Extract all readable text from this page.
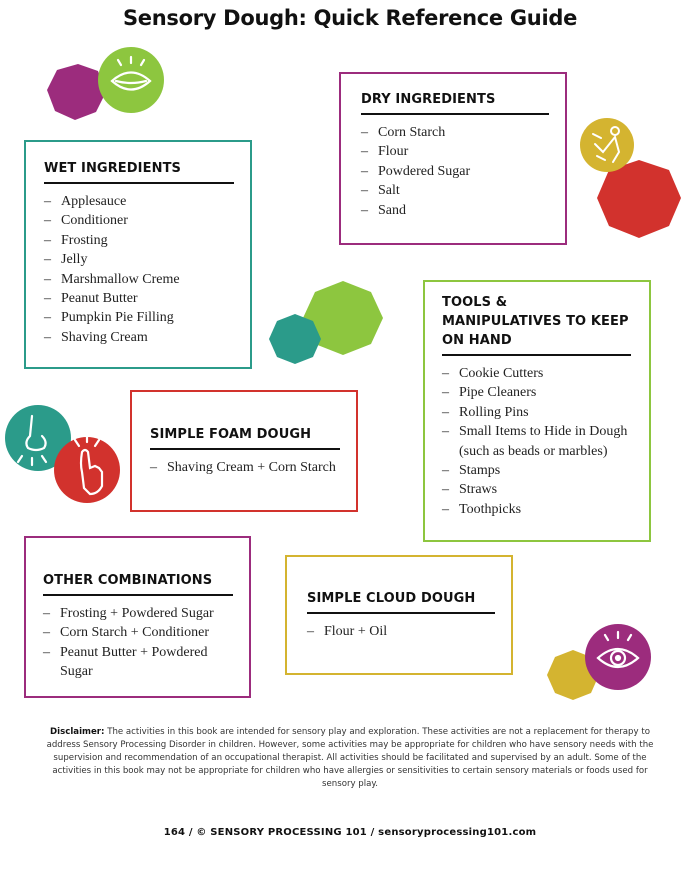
Sensory Dough: Quick Reference Guide
WET INGREDIENTS
– Applesauce
– Conditioner
– Frosting
– Jelly
– Marshmallow Creme
– Peanut Butter
– Pumpkin Pie Filling
– Shaving Cream
DRY INGREDIENTS
– Corn Starch
– Flour
– Powdered Sugar
– Salt
– Sand
TOOLS & MANIPULATIVES TO KEEP ON HAND
– Cookie Cutters
– Pipe Cleaners
– Rolling Pins
– Small Items to Hide in Dough (such as beads or marbles)
– Stamps
– Straws
– Toothpicks
SIMPLE FOAM DOUGH
– Shaving Cream + Corn Starch
OTHER COMBINATIONS
– Frosting + Powdered Sugar
– Corn Starch + Conditioner
– Peanut Butter + Powdered Sugar
SIMPLE CLOUD DOUGH
– Flour + Oil
Disclaimer: The activities in this book are intended for sensory play and exploration. These activities are not a replacement for therapy to address Sensory Processing Disorder in children. However, some activities may be appropriate for children who have sensory needs with the supervision and recommendation of an occupational therapist. All activities should be facilitated and supervised by an adult. Some of the activities in this book may not be appropriate for children who have allergies or sensitivities to certain sensory materials or foods used for sensory play.
164 / © SENSORY PROCESSING 101 / sensoryprocessing101.com
